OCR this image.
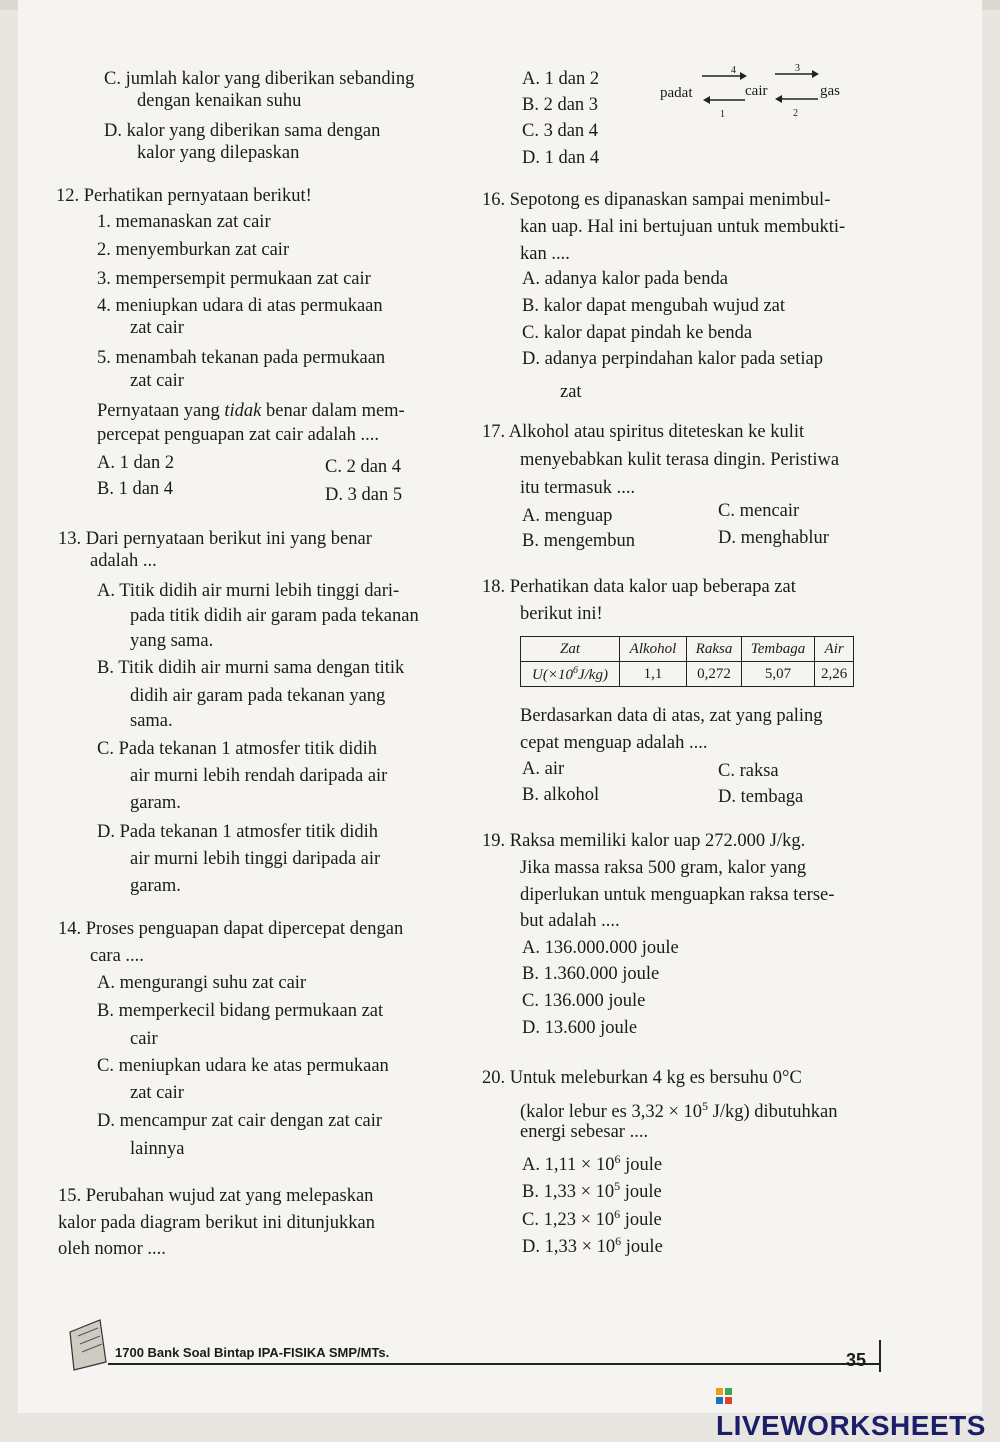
C. jumlah kalor yang diberikan sebanding
dengan kenaikan suhu
D. kalor yang diberikan sama dengan
kalor yang dilepaskan
12. Perhatikan pernyataan berikut!
1. memanaskan zat cair
2. menyemburkan zat cair
3. mempersempit permukaan zat cair
4. meniupkan udara di atas permukaan
zat cair
5. menambah tekanan pada permukaan
zat cair
Pernyataan yang tidak benar dalam mem-
percepat penguapan zat cair adalah ....
A. 1 dan 2
B. 1 dan 4
C. 2 dan 4
D. 3 dan 5
13. Dari pernyataan berikut ini yang benar
adalah ...
A. Titik didih air murni lebih tinggi dari-
pada titik didih air garam pada tekanan
yang sama.
B. Titik didih air murni sama dengan titik
didih air garam pada tekanan yang
sama.
C. Pada tekanan 1 atmosfer titik didih
air murni lebih rendah daripada air
garam.
D. Pada tekanan 1 atmosfer titik didih
air murni lebih tinggi daripada air
garam.
14. Proses penguapan dapat dipercepat dengan
cara ....
A. mengurangi suhu zat cair
B. memperkecil bidang permukaan zat
cair
C. meniupkan udara ke atas permukaan
zat cair
D. mencampur zat cair dengan zat cair
lainnya
15. Perubahan wujud zat yang melepaskan
kalor pada diagram berikut ini ditunjukkan
oleh nomor ....
A. 1 dan 2
B. 2 dan 3
C. 3 dan 4
D. 1 dan 4
padat	cair	gas
4
1
3
2
16. Sepotong es dipanaskan sampai menimbul-
kan uap. Hal ini bertujuan untuk membukti-
kan ....
A. adanya kalor pada benda
B. kalor dapat mengubah wujud zat
C. kalor dapat pindah ke benda
D. adanya perpindahan kalor pada setiap
zat
17. Alkohol atau spiritus diteteskan ke kulit
menyebabkan kulit terasa dingin. Peristiwa
itu termasuk ....
A. menguap
B. mengembun
C. mencair
D. menghablur
18. Perhatikan data kalor uap beberapa zat
berikut ini!
Zat	Alkohol	Raksa	Tembaga	Air
$U(\times 10^6J/kg)$	1,1	0,272	5,07	2,26
Berdasarkan data di atas, zat yang paling
cepat menguap adalah ....
A. air
B. alkohol
C. raksa
D. tembaga
19. Raksa memiliki kalor uap 272.000 J/kg.
Jika massa raksa 500 gram, kalor yang
diperlukan untuk menguapkan raksa terse-
but adalah ....
A. 136.000.000 joule
B. 1.360.000 joule
C. 136.000 joule
D. 13.600 joule
20. Untuk meleburkan 4 kg es bersuhu 0°C
(kalor lebur es $3,32 \times 10^5$ J/kg) dibutuhkan
energi sebesar ....
A. $1,11 \times 10^6$ joule
B. $1,33 \times 10^5$ joule
C. $1,23 \times 10^6$ joule
D. $1,33 \times 10^6$ joule
1700 Bank Soal Bintap IPA-FISIKA SMP/MTs.	35
LIVEWORKSHEETS
